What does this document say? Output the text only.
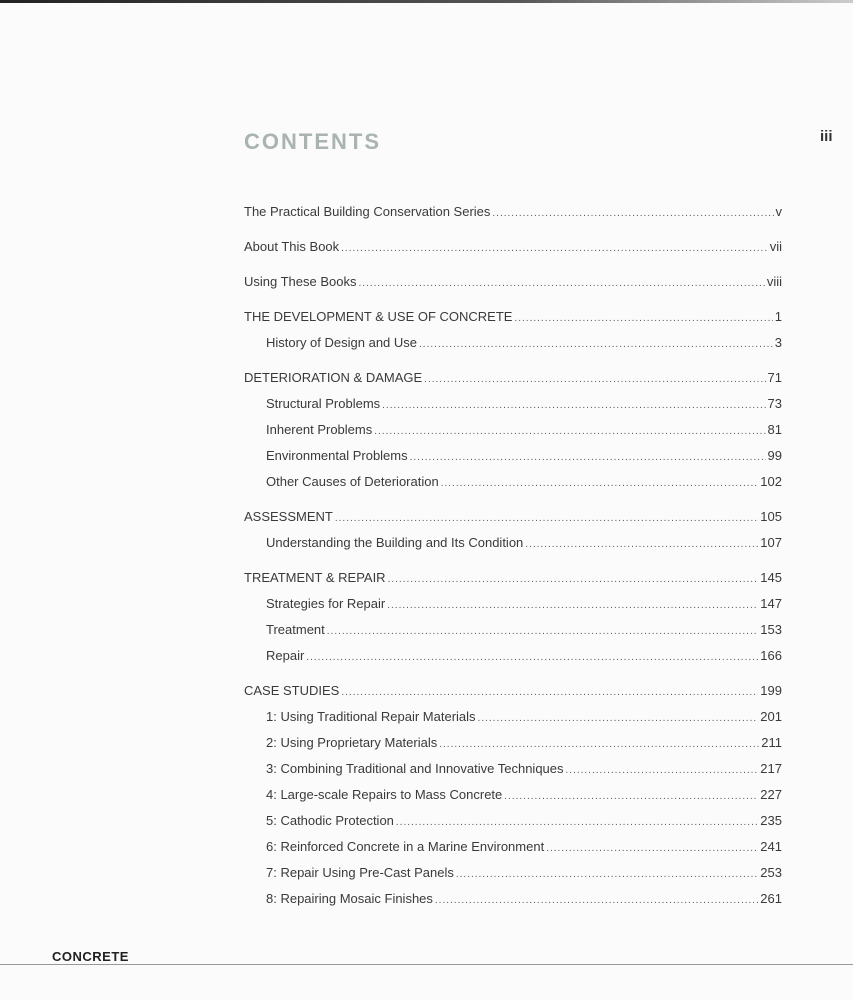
CONTENTS	iii
The Practical Building Conservation Series .....	v
About This Book .....	vii
Using These Books .....	viii
THE DEVELOPMENT & USE OF CONCRETE .....	1
History of Design and Use .....	3
DETERIORATION & DAMAGE .....	71
Structural Problems .....	73
Inherent Problems .....	81
Environmental Problems .....	99
Other Causes of Deterioration .....	102
ASSESSMENT .....	105
Understanding the Building and Its Condition .....	107
TREATMENT & REPAIR .....	145
Strategies for Repair .....	147
Treatment .....	153
Repair .....	166
CASE STUDIES .....	199
1: Using Traditional Repair Materials .....	201
2: Using Proprietary Materials .....	211
3: Combining Traditional and Innovative Techniques .....	217
4: Large-scale Repairs to Mass Concrete .....	227
5: Cathodic Protection .....	235
6: Reinforced Concrete in a Marine Environment .....	241
7: Repair Using Pre-Cast Panels .....	253
8: Repairing Mosaic Finishes .....	261
CONCRETE
